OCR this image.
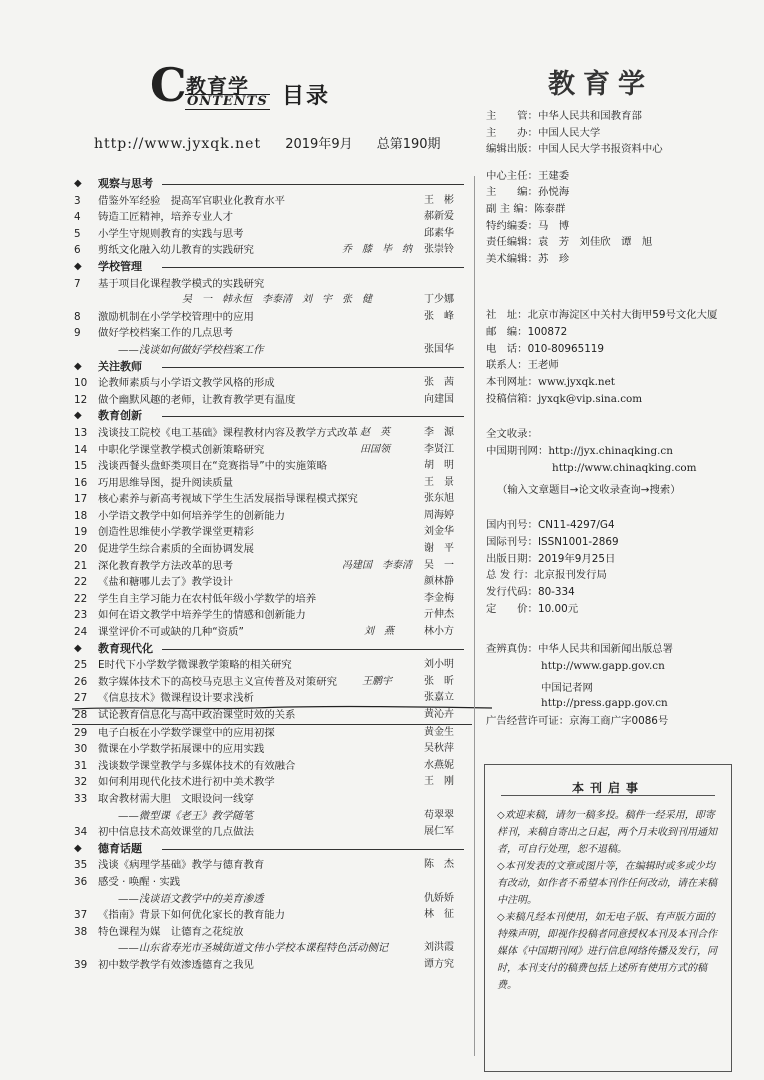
C 教育学
ONTENTS 目录
http://www.jyxqk.net 2019年9月 总第190期
教育学
◆ 观察与思考
3	借鉴外军经验　提高军官职业化教育水平	王　彬
4	铸造工匠精神，培养专业人才	郝新爱
5	小学生守规则教育的实践与思考	邱素华
6	剪纸文化融入幼儿教育的实践研究	乔　膝　毕　纳 张崇铃
◆ 学校管理
7	基于项目化课程教学模式的实践研究
吴　一　韩永恒　李泰清　刘　宇　张　健	丁少娜
8	激励机制在小学学校管理中的应用	张　峰
9	做好学校档案工作的几点思考
——浅谈如何做好学校档案工作	张国华
◆ 关注教师
10	论教师素质与小学语文教学风格的形成	张　茜
12	做个幽默风趣的老师，让教育教学更有温度	向建国
◆ 教育创新
13	浅谈技工院校《电工基础》课程教材内容及教学方式改革 赵　英	李　源
14	中职化学课堂教学模式创新策略研究	田国领	李贤江
15	浅谈西餐头盘虾类项目在“竞赛指导”中的实施策略	胡　明
16	巧用思维导图，提升阅读质量	王　景
17	核心素养与新高考视域下学生生活发展指导课程模式探究	张东旭
18	小学语文教学中如何培养学生的创新能力	周海婷
19	创造性思维使小学教学课堂更精彩	刘金华
20	促进学生综合素质的全面协调发展	谢　平
21	深化教育教学方法改革的思考	冯建国　李泰清 吴　一
22	《盐和糖哪儿去了》教学设计	颜林静
22	学生自主学习能力在农村低年级小学数学的培养	李金梅
23	如何在语文教学中培养学生的情感和创新能力	亓伸杰
24	课堂评价不可或缺的几种“资质”	刘　燕	林小方
◆ 教育现代化
25	E时代下小学数学微课教学策略的相关研究	刘小明
26	数字媒体技术下的高校马克思主义宣传普及对策研究	王鹏宇	张　昕
27	《信息技术》微课程设计要求浅析	张嘉立
28	试论教育信息化与高中政治课堂时效的关系	黄沁卉
29	电子白板在小学数学课堂中的应用初探	黄金生
30	微课在小学数学拓展课中的应用实践	吴秋萍
31	浅谈数学课堂教学与多媒体技术的有效融合	水燕妮
32	如何利用现代化技术进行初中美术教学	王　刚
33	取舍教材需大胆　文眼设问一线穿
——微型课《老王》教学随笔	苟翠翠
34	初中信息技术高效课堂的几点做法	展仁军
◆ 德育话题
35	浅谈《病理学基础》教学与德育教育	陈　杰
36	感受 · 唤醒 · 实践
——浅谈语文教学中的美育渗透	仇娇娇
37	《指南》背景下如何优化家长的教育能力	林　征
38	特色课程为媒　让德育之花绽放
——山东省寿光市圣城街道文伟小学校本课程特色活动侧记	刘洪霞
39	初中数学教学有效渗透德育之我见	谭方究
主　　管：中华人民共和国教育部
主　　办：中国人民大学
编辑出版：中国人民大学书报资料中心
中心主任：王建委
主　　编：孙悦海
副 主 编：陈泰群
特约编委：马　博
责任编辑：袁　芳　刘佳欣　谭　旭
美术编辑：苏　珍
社　址：北京市海淀区中关村大街甲59号文化大厦
邮　编：100872
电　话：010-80965119
联系人：王老师
本刊网址：www.jyxqk.net
投稿信箱：jyxqk@vip.sina.com
全文收录：
中国期刊网：http://jyx.chinaqking.cn
http://www.chinaqking.com
（输入文章题目→论文收录查询→搜索）
国内刊号：CN11-4297/G4
国际刊号：ISSN1001-2869
出版日期：2019年9月25日
总 发 行：北京报刊发行局
发行代码：80-334
定　　价：10.00元
查辨真伪：中华人民共和国新闻出版总署
http://www.gapp.gov.cn
中国记者网
http://press.gapp.gov.cn
广告经营许可证：京海工商广字0086号
本刊启事

◇欢迎来稿，请勿一稿多投。稿件一经采用，即寄样刊，来稿自寄出之日起，两个月未收到刊用通知者，可自行处理，恕不退稿。

◇本刊发表的文章或图片等，在编辑时或多或少均有改动，如作者不希望本刊作任何改动，请在来稿中注明。

◇来稿凡经本刊使用，如无电子版、有声版方面的特殊声明，即视作投稿者同意授权本刊及本刊合作媒体《中国期刊网》进行信息网络传播及发行，同时，本刊支付的稿费包括上述所有使用方式的稿费。
